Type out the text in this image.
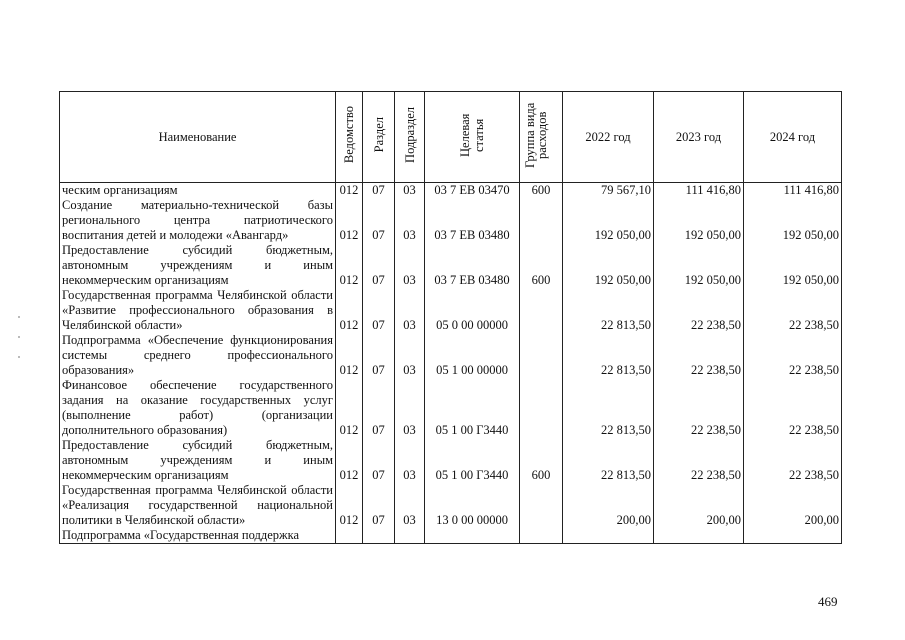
Наименование	Ведомство	Раздел	Подраздел	Целевая статья	Группа вида расходов	2022 год	2023 год	2024 год
ческим организациям	012	07	03	03 7 ЕВ 03470	600	79 567,10	111 416,80	111 416,80
Создание материально-технической базы регионального центра патриотического воспитания детей и молодежи «Авангард»	012	07	03	03 7 ЕВ 03480		192 050,00	192 050,00	192 050,00
Предоставление субсидий бюджетным, автономным учреждениям и иным некоммерческим организациям	012	07	03	03 7 ЕВ 03480	600	192 050,00	192 050,00	192 050,00
Государственная программа Челябинской области «Развитие профессионального образования в Челябинской области»	012	07	03	05 0 00 00000		22 813,50	22 238,50	22 238,50
Подпрограмма «Обеспечение функционирования системы среднего профессионального образования»	012	07	03	05 1 00 00000		22 813,50	22 238,50	22 238,50
Финансовое обеспечение государственного задания на оказание государственных услуг (выполнение работ) (организации дополнительного образования)	012	07	03	05 1 00 Г3440		22 813,50	22 238,50	22 238,50
Предоставление субсидий бюджетным, автономным учреждениям и иным некоммерческим организациям	012	07	03	05 1 00 Г3440	600	22 813,50	22 238,50	22 238,50
Государственная программа Челябинской области «Реализация государственной национальной политики в Челябинской области»	012	07	03	13 0 00 00000		200,00	200,00	200,00
Подпрограмма «Государственная поддержка								
469
